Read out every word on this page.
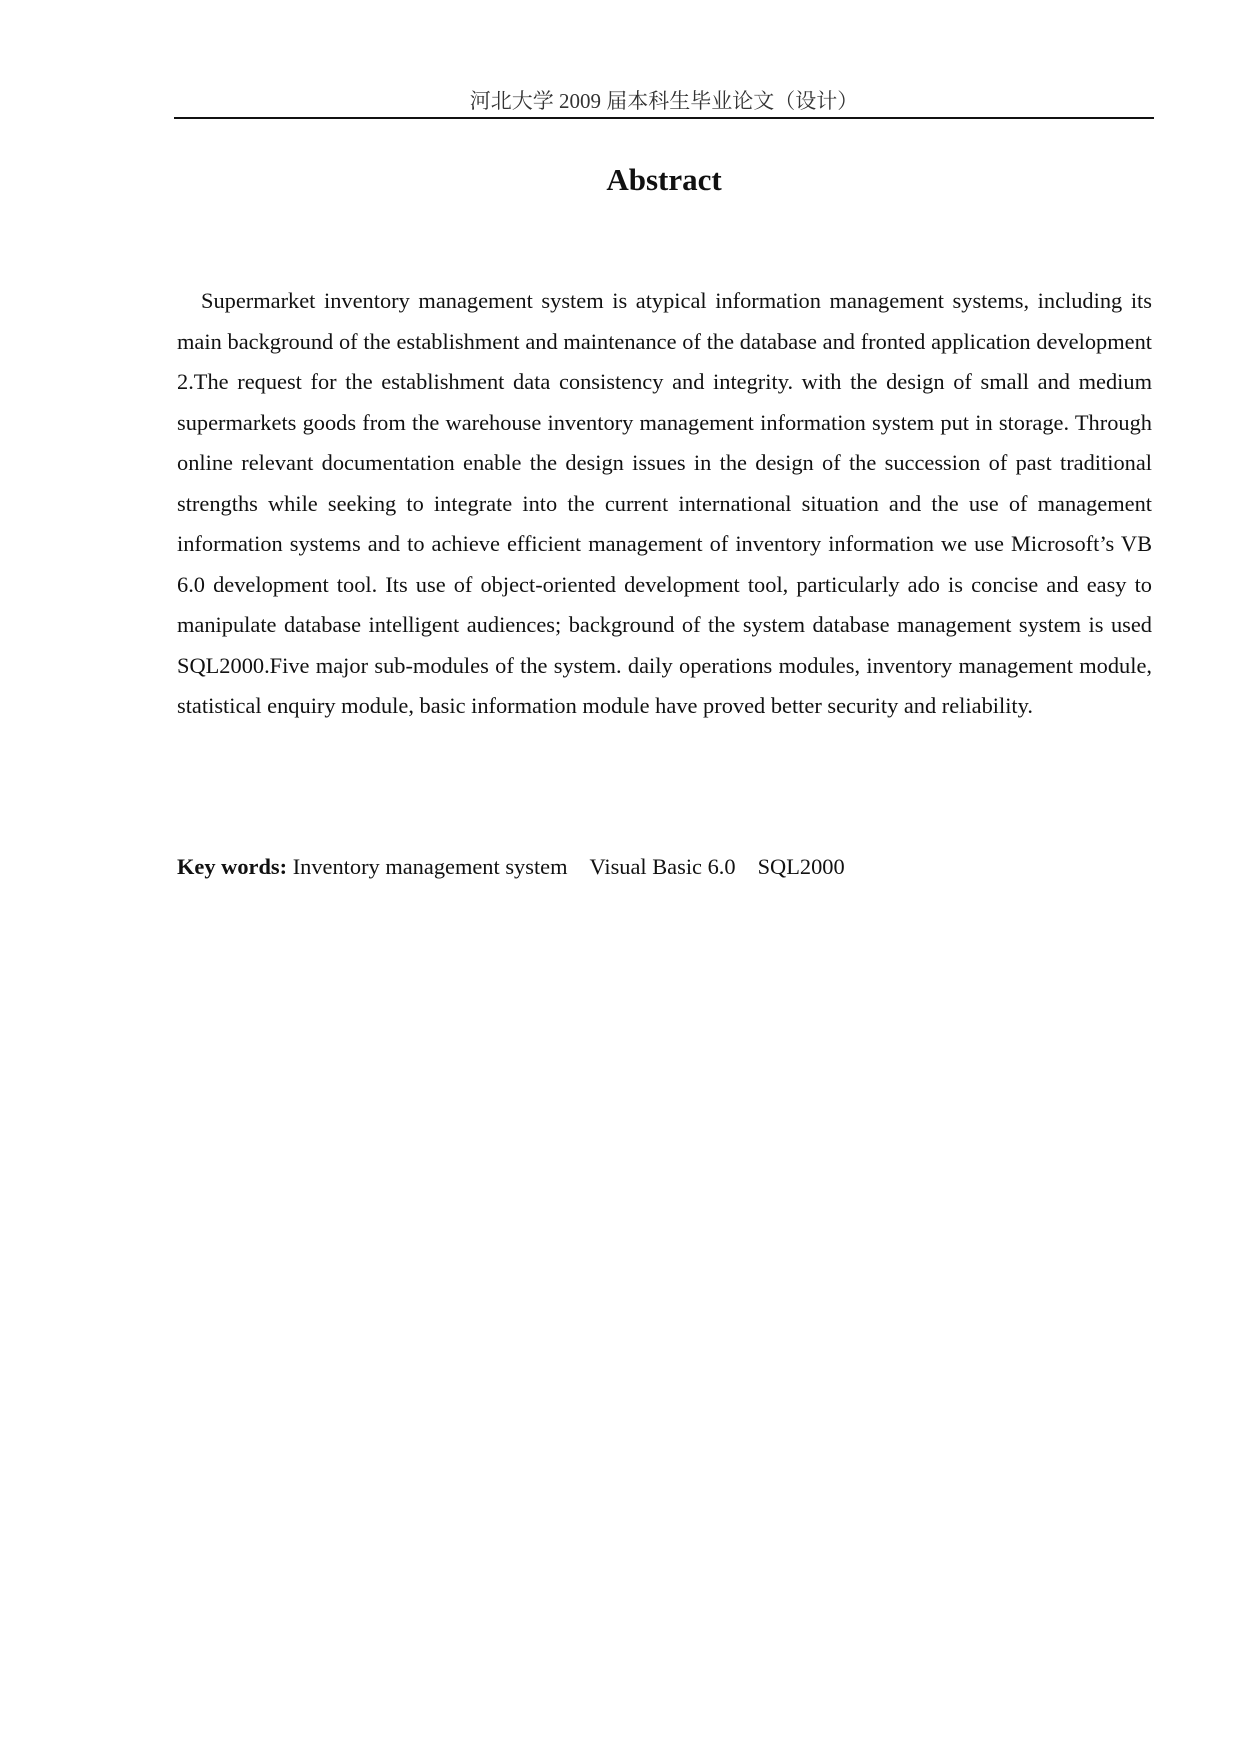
河北大学 2009 届本科生毕业论文（设计）
Abstract

Supermarket inventory management system is atypical information management systems, including its main background of the establishment and maintenance of the database and fronted application development 2.The request for the establishment data consistency and integrity. with the design of small and medium supermarkets goods from the warehouse inventory management information system put in storage. Through online relevant documentation enable the design issues in the design of the succession of past traditional strengths while seeking to integrate into the current international situation and the use of management information systems and to achieve efficient management of inventory information we use Microsoft’s VB 6.0 development tool. Its use of object-oriented development tool, particularly ado is concise and easy to manipulate database intelligent audiences; background of the system database management system is used SQL2000.Five major sub-modules of the system. daily operations modules, inventory management module, statistical enquiry module, basic information module have proved better security and reliability.

Key words: Inventory management system Visual Basic 6.0 SQL2000
